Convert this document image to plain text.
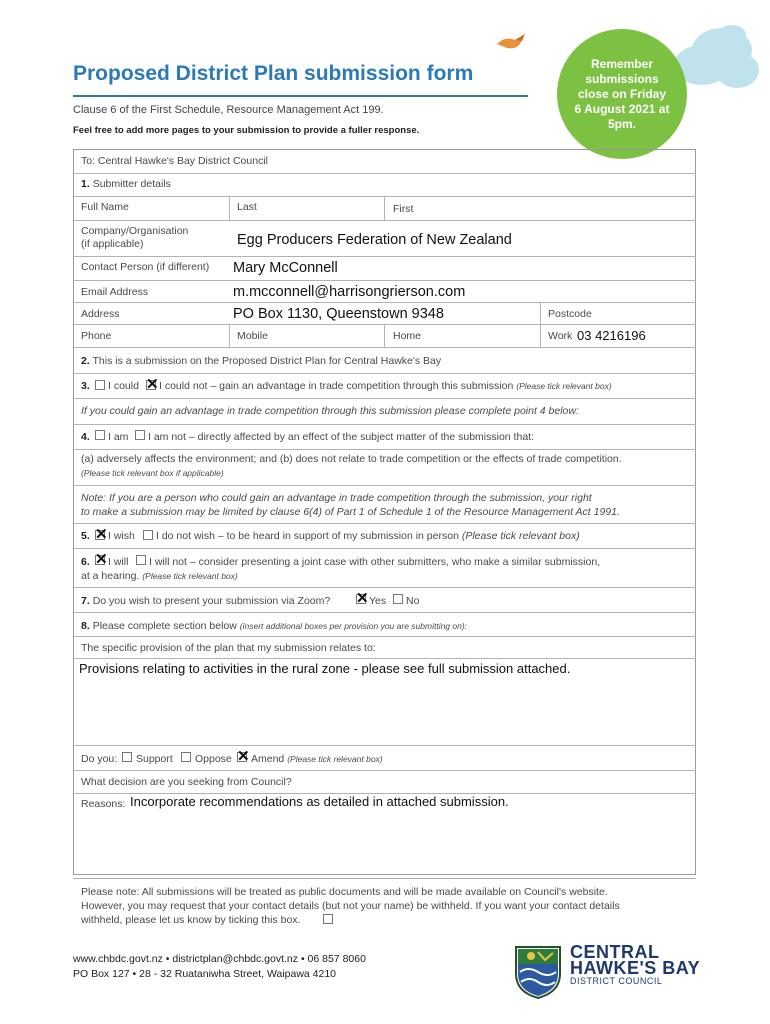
Remember submissions close on Friday 6 August 2021 at 5pm.
Proposed District Plan submission form
Clause 6 of the First Schedule, Resource Management Act 199.
Feel free to add more pages to your submission to provide a fuller response.
To: Central Hawke's Bay District Council
1. Submitter details
Full Name	Last	First
Company/Organisation
(if applicable)	Egg Producers Federation of New Zealand
Contact Person (if different) Mary McConnell
Email Address	m.mcconnell@harrisongrierson.com
Address	PO Box 1130, Queenstown 9348	Postcode
Phone	Mobile	Home	Work 03 4216196
2. This is a submission on the Proposed District Plan for Central Hawke's Bay
3. I could ✕ I could not – gain an advantage in trade competition through this submission (Please tick relevant box)
If you could gain an advantage in trade competition through this submission please complete point 4 below:
4. I am I am not – directly affected by an effect of the subject matter of the submission that:
(a) adversely affects the environment; and (b) does not relate to trade competition or the effects of trade competition.
(Please tick relevant box if applicable)
Note: If you are a person who could gain an advantage in trade competition through the submission, your right
to make a submission may be limited by clause 6(4) of Part 1 of Schedule 1 of the Resource Management Act 1991.
5. ✕ I wish I do not wish – to be heard in support of my submission in person (Please tick relevant box)
6. ✕ I will I will not – consider presenting a joint case with other submitters, who make a similar submission,
at a hearing. (Please tick relevant box)
7. Do you wish to present your submission via Zoom? ✕ Yes No
8. Please complete section below (insert additional boxes per provision you are submitting on):
The specific provision of the plan that my submission relates to:
Provisions relating to activities in the rural zone - please see full submission attached.
Do you: Support Oppose ✕ Amend (Please tick relevant box)
What decision are you seeking from Council?
Reasons: Incorporate recommendations as detailed in attached submission.
Please note: All submissions will be treated as public documents and will be made available on Council's website.
However, you may request that your contact details (but not your name) be withheld. If you want your contact details
withheld, please let us know by ticking this box.
www.chbdc.govt.nz • districtplan@chbdc.govt.nz • 06 857 8060
PO Box 127 • 28 - 32 Ruataniwha Street, Waipawa 4210
CENTRAL
HAWKE'S BAY
DISTRICT COUNCIL
